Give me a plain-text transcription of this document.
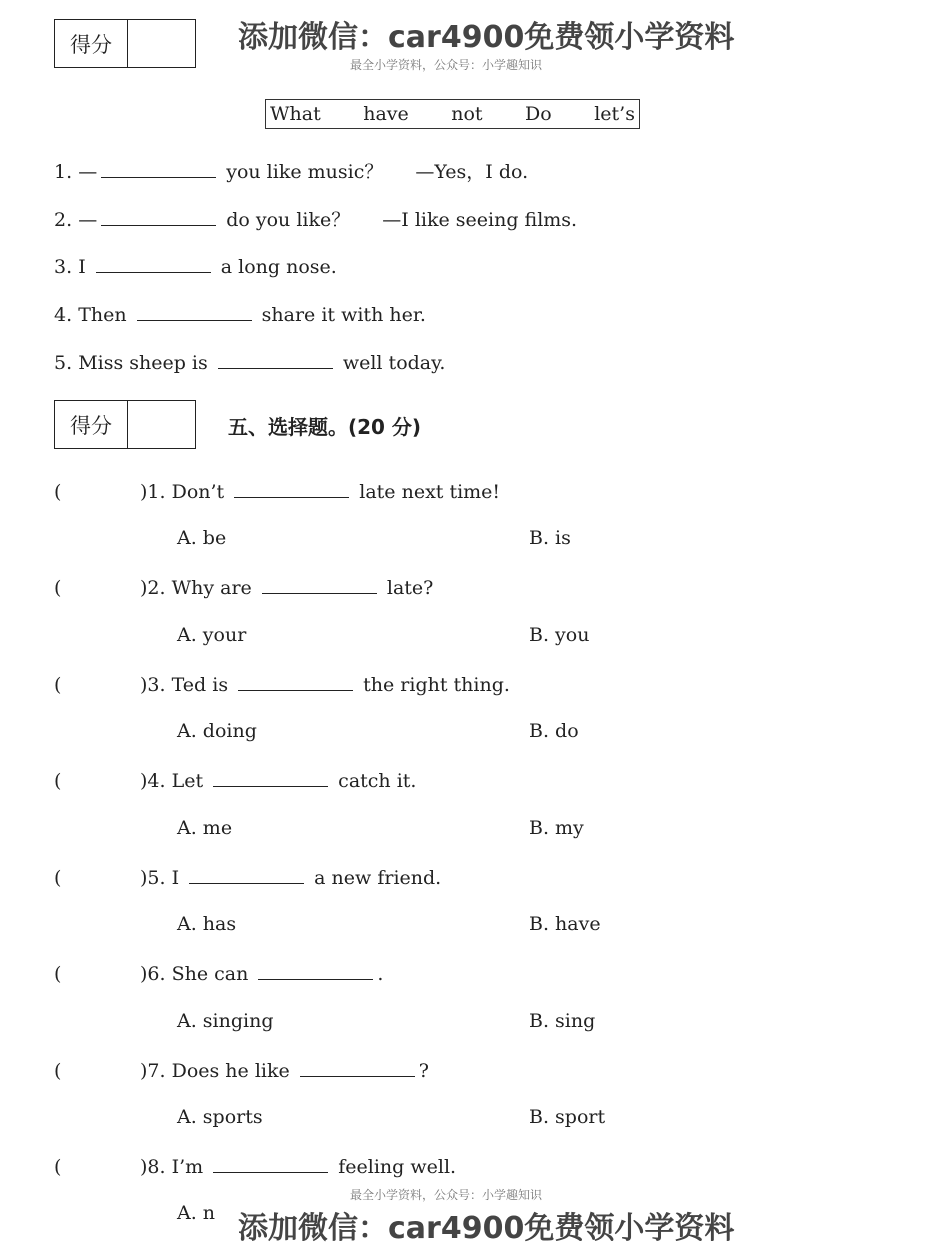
得分	添加微信：car4900免费领小学资料
最全小学资料，公众号：小学趣知识
What have not Do let’s
1. —	you like music？ —Yes，I do.
2. —	do you like？ —I like seeing films.
3. I	a long nose.
4. Then	share it with her.
5. Miss sheep is	well today.
得分	五、选择题。(20 分)
(	)1. Don’t	late next time!
A. be	B. is
(	)2. Why are	late?
A. your	B. you
(	)3. Ted is	the right thing.
A. doing	B. do
(	)4. Let	catch it.
A. me	B. my
(	)5. I	a new friend.
A. has	B. have
(	)6. She can	.
A. singing	B. sing
(	)7. Does he like	?
A. sports	B. sport
(	)8. I’m	feeling well.
A. n
最全小学资料，公众号：小学趣知识
添加微信：car4900免费领小学资料
